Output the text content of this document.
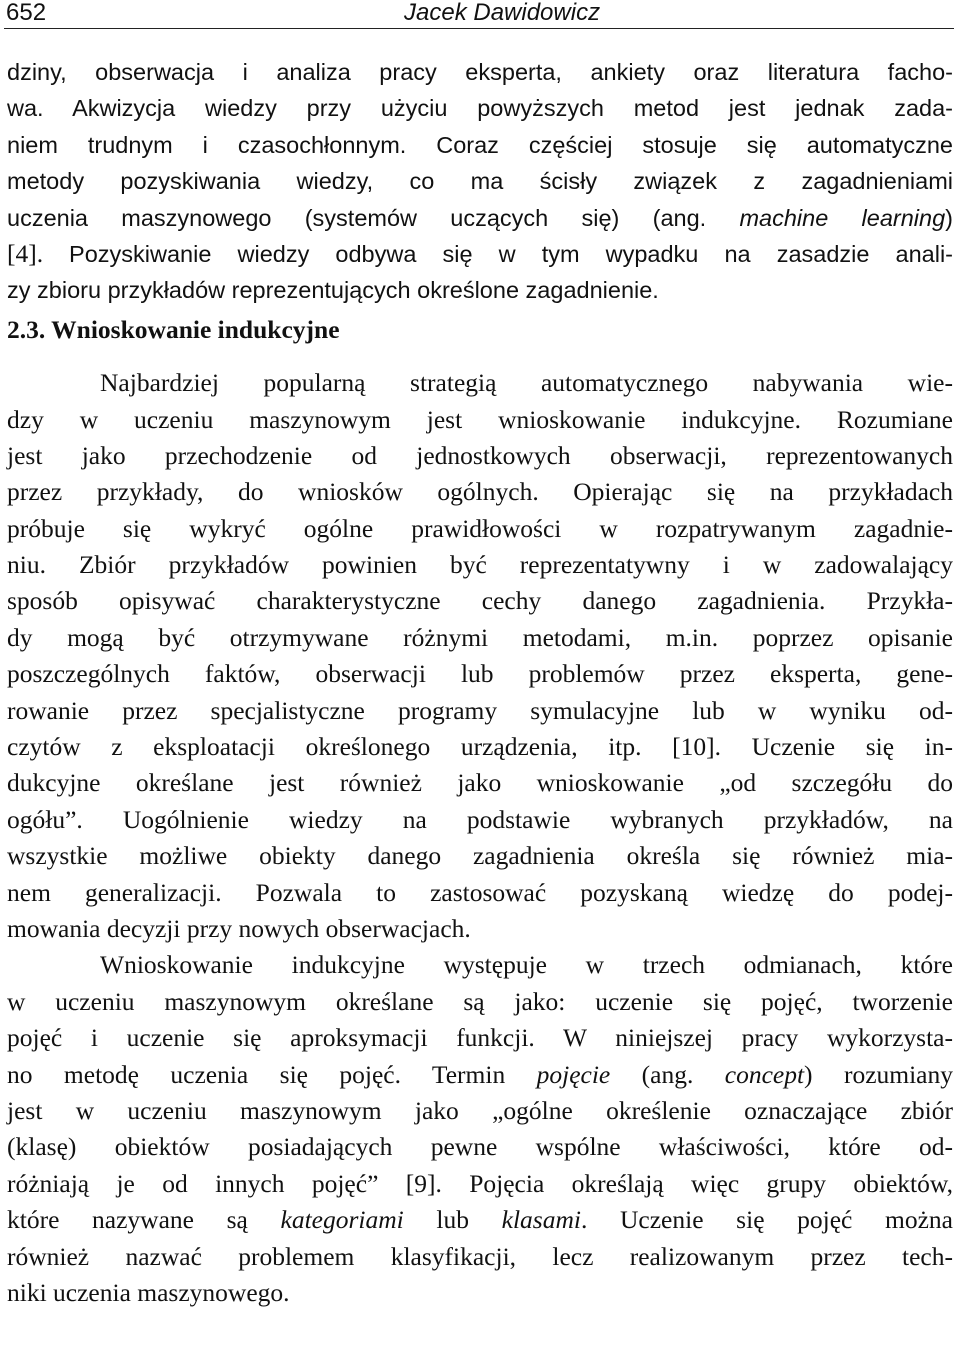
652	Jacek Dawidowicz
dziny, obserwacja i analiza pracy eksperta, ankiety oraz literatura facho-
wa. Akwizycja wiedzy przy użyciu powyższych metod jest jednak zada-
niem trudnym i czasochłonnym. Coraz częściej stosuje się automatyczne
metody pozyskiwania wiedzy, co ma ścisły związek z zagadnieniami
uczenia maszynowego (systemów uczących się) (ang. machine learning)
[4]. Pozyskiwanie wiedzy odbywa się w tym wypadku na zasadzie anali-
zy zbioru przykładów reprezentujących określone zagadnienie.
2.3. Wnioskowanie indukcyjne
Najbardziej popularną strategią automatycznego nabywania wie-
dzy w uczeniu maszynowym jest wnioskowanie indukcyjne. Rozumiane
jest jako przechodzenie od jednostkowych obserwacji, reprezentowanych
przez przykłady, do wniosków ogólnych. Opierając się na przykładach
próbuje się wykryć ogólne prawidłowości w rozpatrywanym zagadnie-
niu. Zbiór przykładów powinien być reprezentatywny i w zadowalający
sposób opisywać charakterystyczne cechy danego zagadnienia. Przykła-
dy mogą być otrzymywane różnymi metodami, m.in. poprzez opisanie
poszczególnych faktów, obserwacji lub problemów przez eksperta, gene-
rowanie przez specjalistyczne programy symulacyjne lub w wyniku od-
czytów z eksploatacji określonego urządzenia, itp. [10]. Uczenie się in-
dukcyjne określane jest również jako wnioskowanie „od szczegółu do
ogółu”. Uogólnienie wiedzy na podstawie wybranych przykładów, na
wszystkie możliwe obiekty danego zagadnienia określa się również mia-
nem generalizacji. Pozwala to zastosować pozyskaną wiedzę do podej-
mowania decyzji przy nowych obserwacjach.
Wnioskowanie indukcyjne występuje w trzech odmianach, które
w uczeniu maszynowym określane są jako: uczenie się pojęć, tworzenie
pojęć i uczenie się aproksymacji funkcji. W niniejszej pracy wykorzysta-
no metodę uczenia się pojęć. Termin pojęcie (ang. concept) rozumiany
jest w uczeniu maszynowym jako „ogólne określenie oznaczające zbiór
(klasę) obiektów posiadających pewne wspólne właściwości, które od-
różniają je od innych pojęć” [9]. Pojęcia określają więc grupy obiektów,
które nazywane są kategoriami lub klasami. Uczenie się pojęć można
również nazwać problemem klasyfikacji, lecz realizowanym przez tech-
niki uczenia maszynowego.
